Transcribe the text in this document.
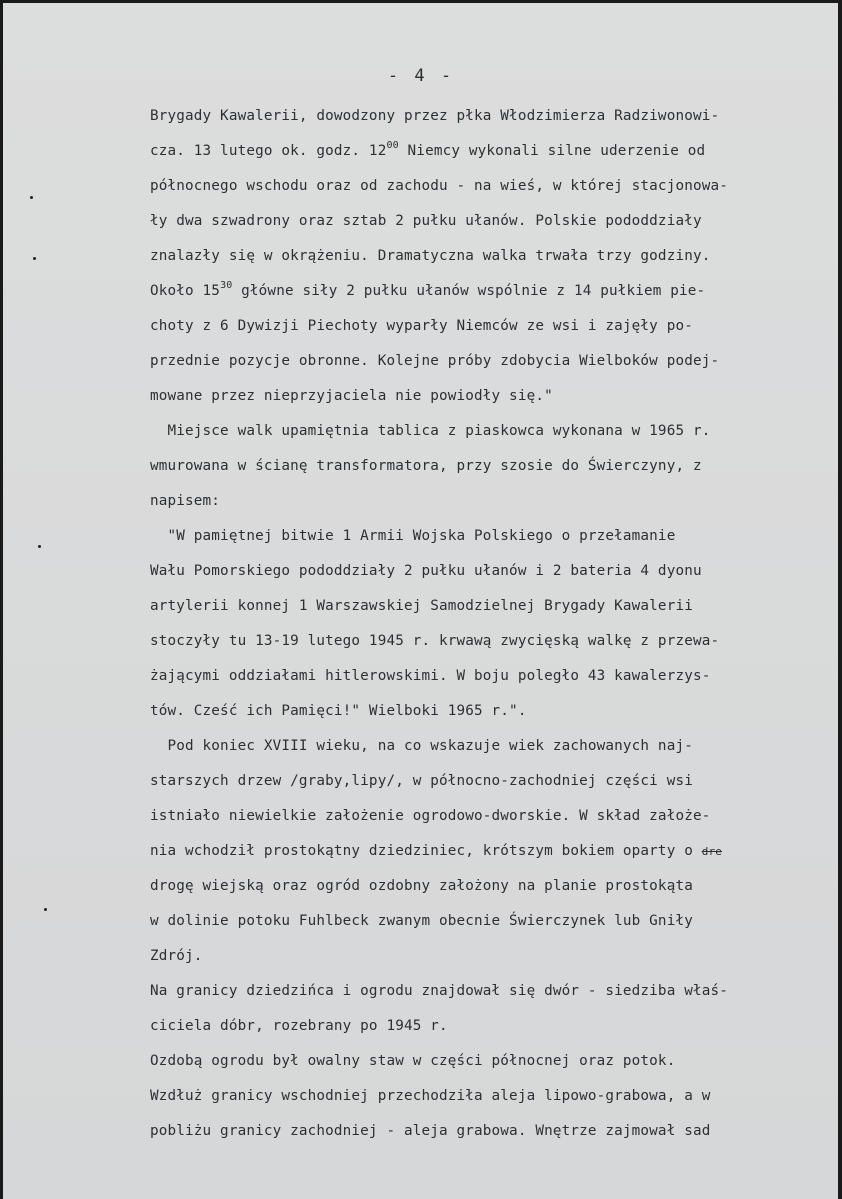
- 4 -
Brygady Kawalerii, dowodzony przez płka Włodzimierza Radziwonowi-
cza. 13 lutego ok. godz. $12^{00}$ Niemcy wykonali silne uderzenie od
północnego wschodu oraz od zachodu - na wieś, w której stacjonowa-
ły dwa szwadrony oraz sztab 2 pułku ułanów. Polskie pododdziały
znalazły się w okrążeniu. Dramatyczna walka trwała trzy godziny.
Około $15^{30}$ główne siły 2 pułku ułanów wspólnie z 14 pułkiem pie-
choty z 6 Dywizji Piechoty wyparły Niemców ze wsi i zajęły po-
przednie pozycje obronne. Kolejne próby zdobycia Wielboków podej-
mowane przez nieprzyjaciela nie powiodły się."
Miejsce walk upamiętnia tablica z piaskowca wykonana w 1965 r.
wmurowana w ścianę transformatora, przy szosie do Świerczyny, z
napisem:
"W pamiętnej bitwie 1 Armii Wojska Polskiego o przełamanie
Wału Pomorskiego pododdziały 2 pułku ułanów i 2 bateria 4 dyonu
artylerii konnej 1 Warszawskiej Samodzielnej Brygady Kawalerii
stoczyły tu 13-19 lutego 1945 r. krwawą zwycięską walkę z przewa-
żającymi oddziałami hitlerowskimi. W boju poległo 43 kawalerzys-
tów. Cześć ich Pamięci!" Wielboki 1965 r.".
Pod koniec XVIII wieku, na co wskazuje wiek zachowanych naj-
starszych drzew /graby,lipy/, w północno-zachodniej części wsi
istniało niewielkie założenie ogrodowo-dworskie. W skład założe-
nia wchodził prostokątny dziedziniec, krótszym bokiem oparty o dre
drogę wiejską oraz ogród ozdobny założony na planie prostokąta
w dolinie potoku Fuhlbeck zwanym obecnie Świerczynek lub Gniły
Zdrój.
Na granicy dziedzińca i ogrodu znajdował się dwór - siedziba właś-
ciciela dóbr, rozebrany po 1945 r.
Ozdobą ogrodu był owalny staw w części północnej oraz potok.
Wzdłuż granicy wschodniej przechodziła aleja lipowo-grabowa, a w
pobliżu granicy zachodniej - aleja grabowa. Wnętrze zajmował sad
